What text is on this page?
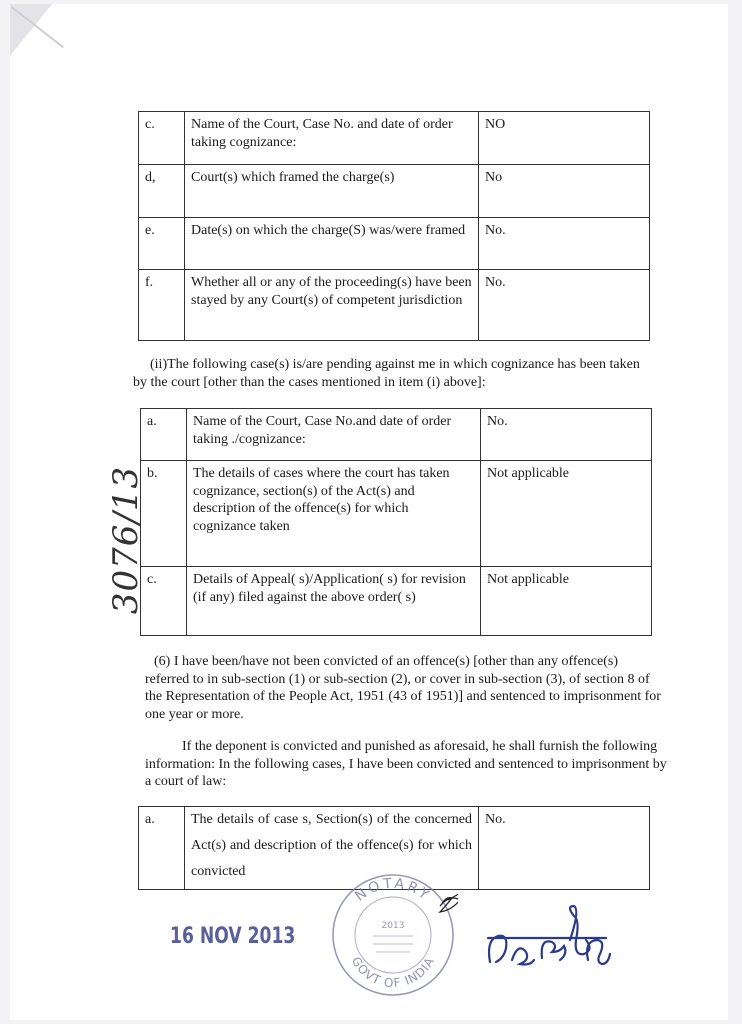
c.	Name of the Court, Case No. and date of order taking cognizance:	NO
d,	Court(s) which framed the charge(s)	No
e.	Date(s) on which the charge(S) was/were framed	No.
f.	Whether all or any of the proceeding(s) have been stayed by any Court(s) of competent jurisdiction	No.

(ii)The following case(s) is/are pending against me in which cognizance has been taken by the court [other than the cases mentioned in item (i) above]:

a.	Name of the Court, Case No.and date of order taking ./cognizance:	No.
b.	The details of cases where the court has taken cognizance, section(s) of the Act(s) and description of the offence(s) for which cognizance taken	Not applicable
c.	Details of Appeal( s)/Application( s) for revision (if any) filed against the above order( s)	Not applicable

(6) I have been/have not been convicted of an offence(s) [other than any offence(s) referred to in sub-section (1) or sub-section (2), or cover in sub-section (3), of section 8 of the Representation of the People Act, 1951 (43 of 1951)] and sentenced to imprisonment for one year or more.

If the deponent is convicted and punished as aforesaid, he shall furnish the following information: In the following cases, I have been convicted and sentenced to imprisonment by a court of law:

a.	The details of case s, Section(s) of the concerned Act(s) and description of the offence(s) for which convicted	No.
3076/13
16 NOV 2013
NOTARY
GOVT OF INDIA
2013
